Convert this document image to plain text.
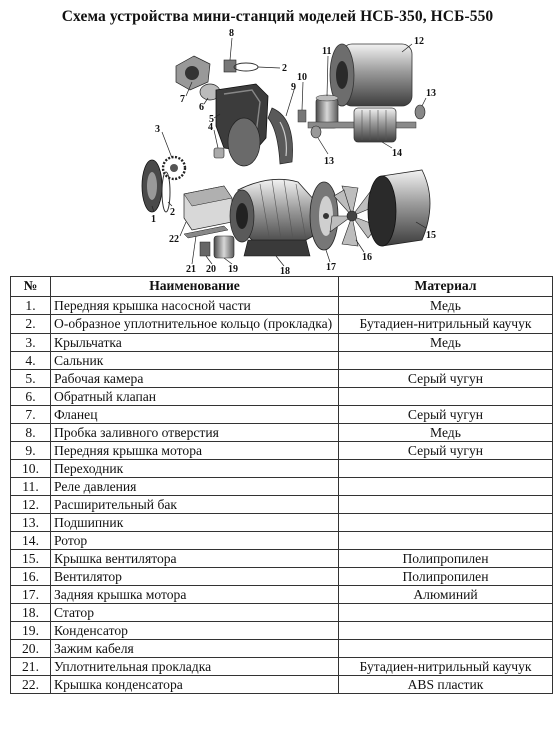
Схема устройства мини-станций моделей НСБ-350, НСБ-550
8
2
7
6
5
4
3
1
2
22
21 20 19	18
11
10
9
12
13
13
14
15
16
17
№	Наименование	Материал
1.	Передняя крышка насосной части	Медь
2.	О-образное уплотнительное кольцо (прокладка)	Бутадиен-нитрильный каучук
3.	Крыльчатка	Медь
4.	Сальник	
5.	Рабочая камера	Серый чугун
6.	Обратный клапан	
7.	Фланец	Серый чугун
8.	Пробка заливного отверстия	Медь
9.	Передняя крышка мотора	Серый чугун
10.	Переходник	
11.	Реле давления	
12.	Расширительный бак	
13.	Подшипник	
14.	Ротор	
15.	Крышка вентилятора	Полипропилен
16.	Вентилятор	Полипропилен
17.	Задняя крышка мотора	Алюминий
18.	Статор	
19.	Конденсатор	
20.	Зажим кабеля	
21.	Уплотнительная прокладка	Бутадиен-нитрильный каучук
22.	Крышка конденсатора	ABS пластик
